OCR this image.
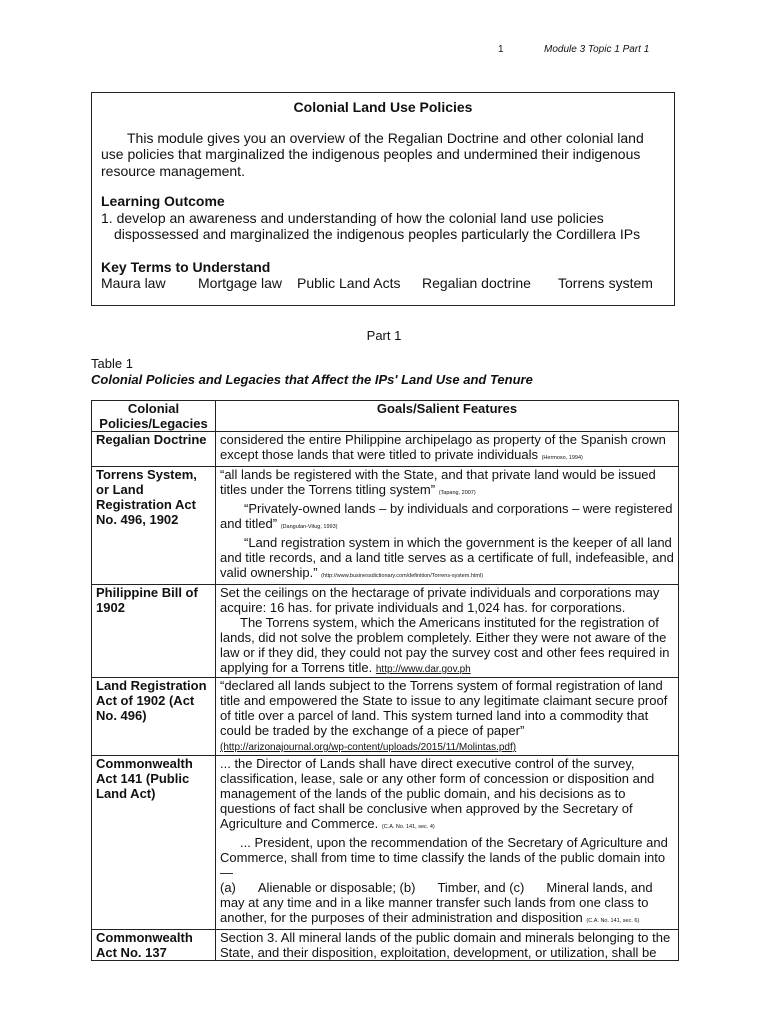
1	Module 3 Topic 1 Part 1
Colonial Land Use Policies

This module gives you an overview of the Regalian Doctrine and other colonial land use policies that marginalized the indigenous peoples and undermined their indigenous resource management.

Learning Outcome

1. develop an awareness and understanding of how the colonial land use policies
dispossessed and marginalized the indigenous peoples particularly the Cordillera IPs

Key Terms to Understand

Maura law Mortgage law Public Land Acts Regalian doctrine Torrens system
Part 1
Table 1
Colonial Policies and Legacies that Affect the IPs' Land Use and Tenure
Colonial Policies/Legacies	Goals/Salient Features
Regalian Doctrine	considered the entire Philippine archipelago as property of the Spanish crown except those lands that were titled to private individuals (Hermoso, 1994)
Torrens System, or Land Registration Act No. 496, 1902	“all lands be registered with the State, and that private land would be issued titles under the Torrens titling system” (Tapang, 2007)

“Privately-owned lands – by individuals and corporations – were registered and titled” (Dangulan-Vitug, 1993)

“Land registration system in which the government is the keeper of all land and title records, and a land title serves as a certificate of full, indefeasible, and valid ownership.” (http://www.businessdictionary.com/definition/Torrens-system.html)

Philippine Bill of 1902	Set the ceilings on the hectarage of private individuals and corporations may acquire: 16 has. for private individuals and 1,024 has. for corporations.

The Torrens system, which the Americans instituted for the registration of lands, did not solve the problem completely. Either they were not aware of the law or if they did, they could not pay the survey cost and other fees required in applying for a Torrens title. http://www.dar.gov.ph

Land Registration Act of 1902 (Act No. 496)	“declared all lands subject to the Torrens system of formal registration of land title and empowered the State to issue to any legitimate claimant secure proof of title over a parcel of land. This system turned land into a commodity that could be traded by the exchange of a piece of paper”

(http://arizonajournal.org/wp-content/uploads/2015/11/Molintas.pdf)

Commonwealth Act 141 (Public Land Act)	... the Director of Lands shall have direct executive control of the survey, classification, lease, sale or any other form of concession or disposition and management of the lands of the public domain, and his decisions as to questions of fact shall be conclusive when approved by the Secretary of Agriculture and Commerce. (C.A. No. 141, sec. 4)

... President, upon the recommendation of the Secretary of Agriculture and Commerce, shall from time to time classify the lands of the public domain into —

(a) Alienable or disposable; (b) Timber, and (c) Mineral lands, and

may at any time and in a like manner transfer such lands from one class to another, for the purposes of their administration and disposition (C.A. No. 141, sec. 6)

Commonwealth Act No. 137	Section 3. All mineral lands of the public domain and minerals belonging to the State, and their disposition, exploitation, development, or utilization, shall be
